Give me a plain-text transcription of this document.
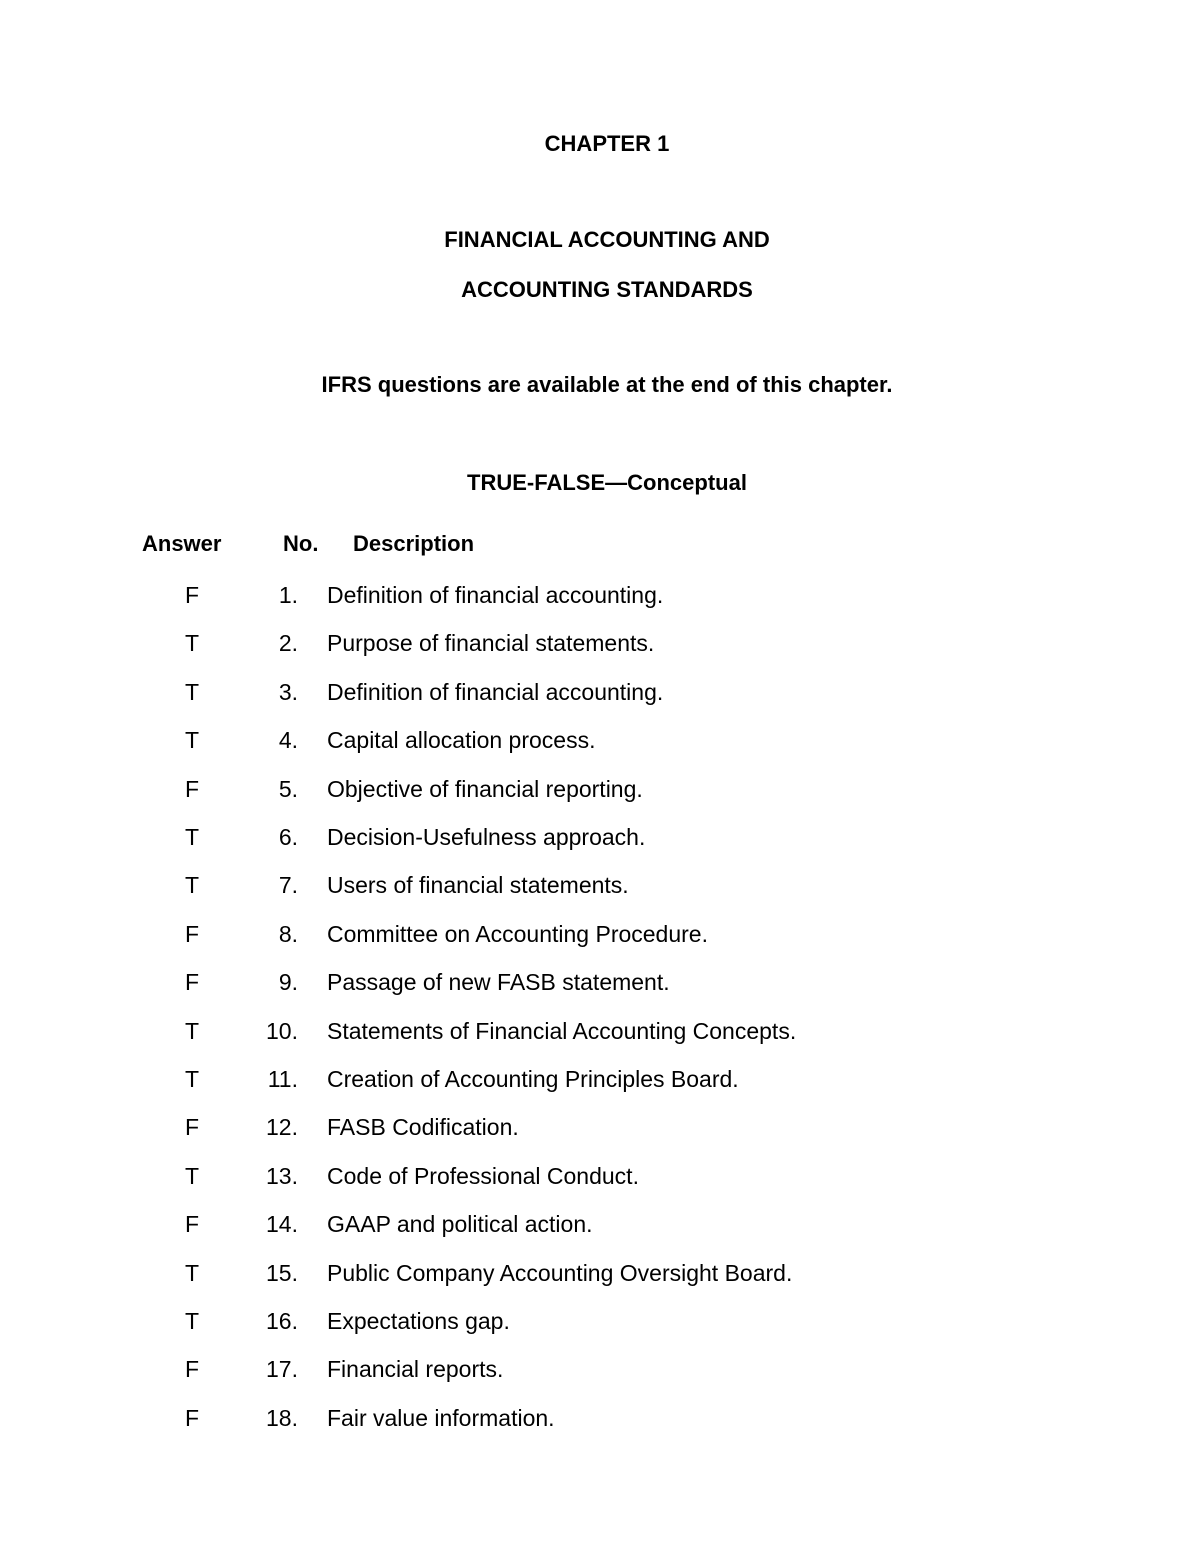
CHAPTER 1
FINANCIAL ACCOUNTING AND
ACCOUNTING STANDARDS
IFRS questions are available at the end of this chapter.
TRUE-FALSE—Conceptual
Answer	No. Description
F	1. Definition of financial accounting.
T	2. Purpose of financial statements.
T	3. Definition of financial accounting.
T	4. Capital allocation process.
F	5. Objective of financial reporting.
T	6. Decision-Usefulness approach.
T	7. Users of financial statements.
F	8. Committee on Accounting Procedure.
F	9. Passage of new FASB statement.
T	10. Statements of Financial Accounting Concepts.
T	11. Creation of Accounting Principles Board.
F	12. FASB Codification.
T	13. Code of Professional Conduct.
F	14. GAAP and political action.
T	15. Public Company Accounting Oversight Board.
T	16. Expectations gap.
F	17. Financial reports.
F	18. Fair value information.
